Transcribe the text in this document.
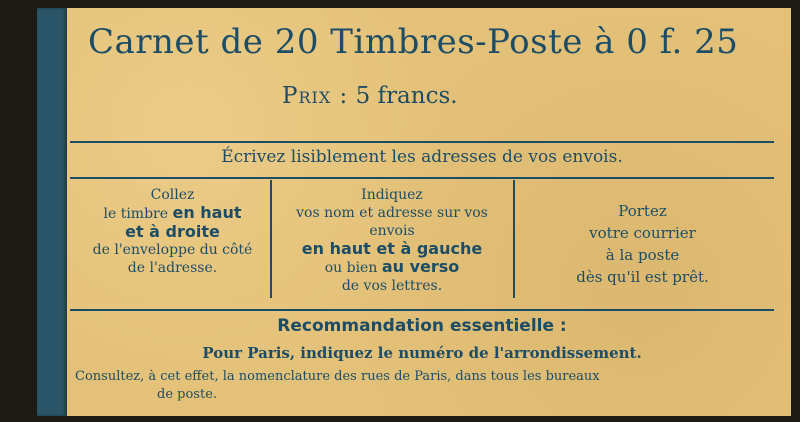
Carnet de 20 Timbres-Poste à 0 f. 25
Prix : 5 francs.
Écrivez lisiblement les adresses de vos envois.
Collez
le timbre en haut
et à droite
de l'enveloppe du côté
de l'adresse.
Indiquez
vos nom et adresse sur vos
envois
en haut et à gauche
ou bien au verso
de vos lettres.
Portez
votre courrier
à la poste
dès qu'il est prêt.
Recommandation essentielle :
Pour Paris, indiquez le numéro de l'arrondissement.
Consultez, à cet effet, la nomenclature des rues de Paris, dans tous les bureaux
de poste.
